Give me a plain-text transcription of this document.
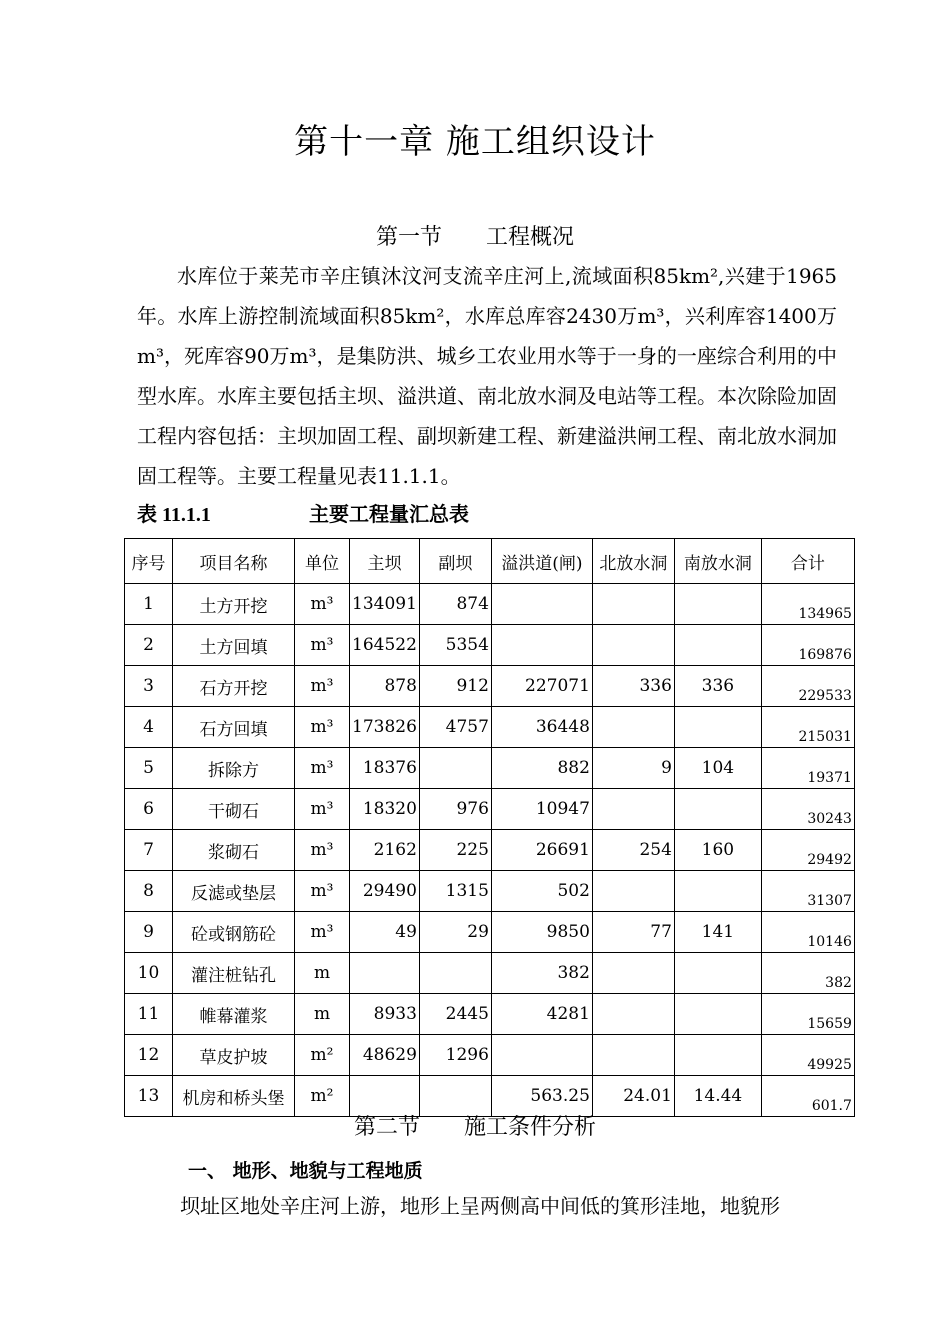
第十一章 施工组织设计
第一节 工程概况

水库位于莱芜市辛庄镇沐汶河支流辛庄河上,流域面积85km²,兴建于1965年。水库上游控制流域面积85km²，水库总库容2430万m³，兴利库容1400万m³，死库容90万m³，是集防洪、城乡工农业用水等于一身的一座综合利用的中型水库。水库主要包括主坝、溢洪道、南北放水洞及电站等工程。本次除险加固工程内容包括：主坝加固工程、副坝新建工程、新建溢洪闸工程、南北放水洞加固工程等。主要工程量见表11.1.1。

表 11.1.1	主要工程量汇总表
序号	项目名称	单位	主坝	副坝	溢洪道(闸)	北放水洞	南放水洞	合计
1	土方开挖	m³	134091	874				134965
2	土方回填	m³	164522	5354				169876
3	石方开挖	m³	878	912	227071	336	336	229533
4	石方回填	m³	173826	4757	36448			215031
5	拆除方	m³	18376		882	9	104	19371
6	干砌石	m³	18320	976	10947			30243
7	浆砌石	m³	2162	225	26691	254	160	29492
8	反滤或垫层	m³	29490	1315	502			31307
9	砼或钢筋砼	m³	49	29	9850	77	141	10146
10	灌注桩钻孔	m			382			382
11	帷幕灌浆	m	8933	2445	4281			15659
12	草皮护坡	m²	48629	1296				49925
13	机房和桥头堡	m²			563.25	24.01	14.44	601.7
第二节 施工条件分析
一、 地形、地貌与工程地质
坝址区地处辛庄河上游，地形上呈两侧高中间低的箕形洼地，地貌形
